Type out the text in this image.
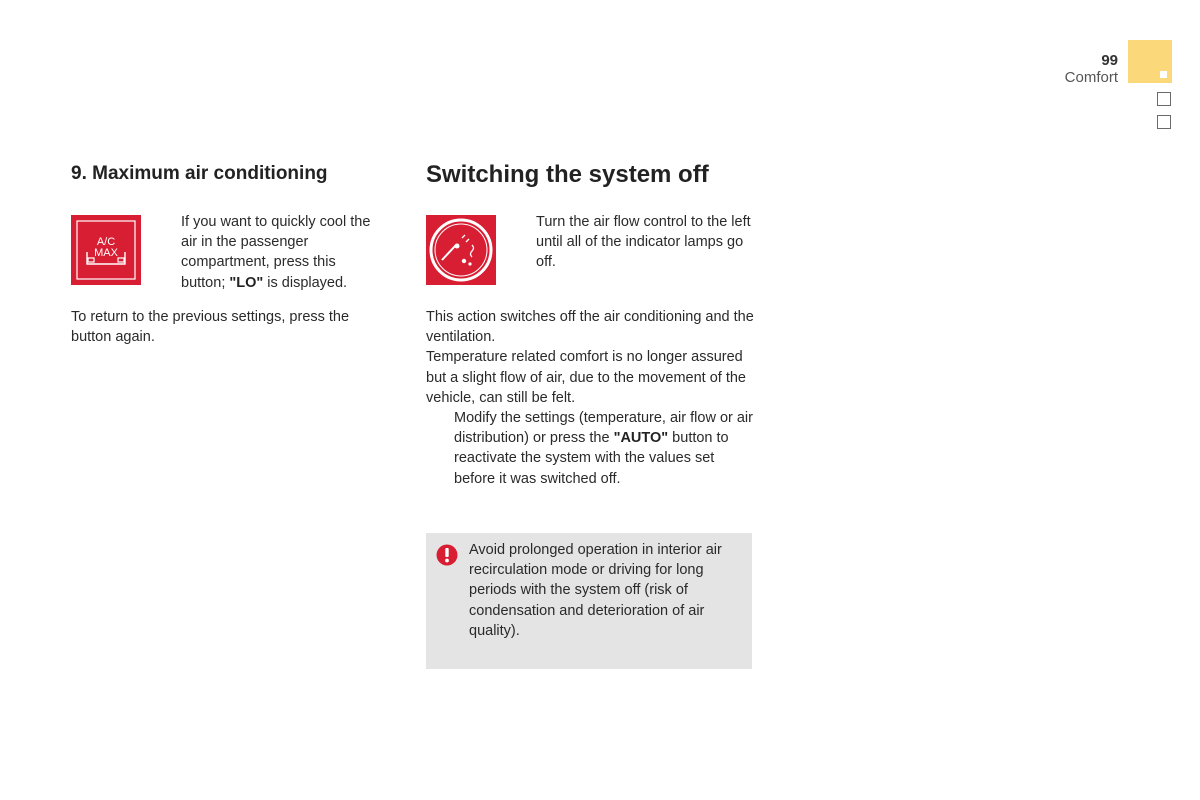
99
Comfort
9. Maximum air conditioning
A/C
MAX
If you want to quickly cool the air in the passenger compartment, press this button; "LO" is displayed.
To return to the previous settings, press the button again.
Switching the system off
Turn the air flow control to the left until all of the indicator lamps go off.
This action switches off the air conditioning and the ventilation.
Temperature related comfort is no longer assured but a slight flow of air, due to the movement of the vehicle, can still be felt.
Modify the settings (temperature, air flow or air distribution) or press the "AUTO" button to reactivate the system with the values set before it was switched off.
Avoid prolonged operation in interior air recirculation mode or driving for long periods with the system off (risk of condensation and deterioration of air quality).
